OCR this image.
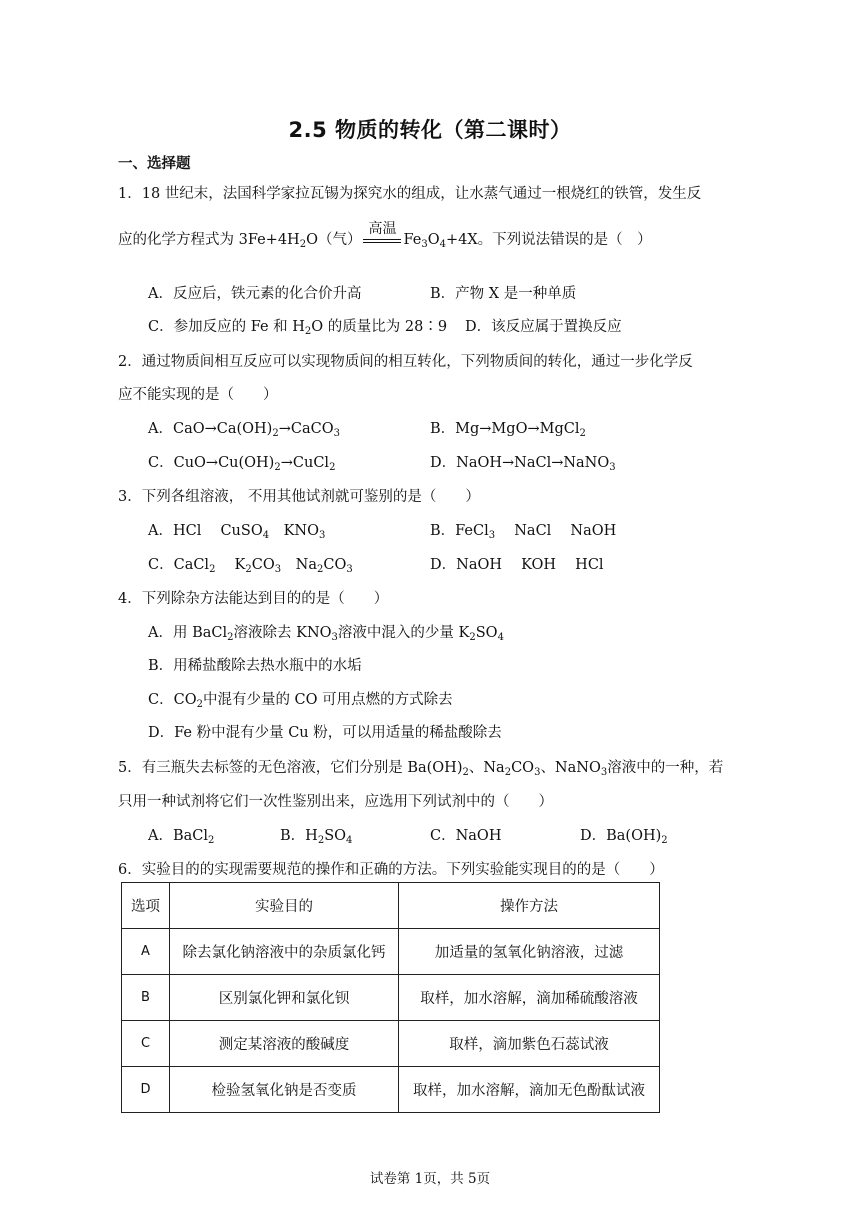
2.5 物质的转化（第二课时）
一、选择题
1．18 世纪末，法国科学家拉瓦锡为探究水的组成，让水蒸气通过一根烧红的铁管，发生反
应的化学方程式为 $3Fe+4H_2O$（气）
高温
$Fe_3O_4+4X$。下列说法错误的是（　）
A．反应后，铁元素的化合价升高	B．产物 X 是一种单质
C．参加反应的 Fe 和 $H_2O$ 的质量比为 28∶9 D．该反应属于置换反应
2．通过物质间相互反应可以实现物质间的相互转化，下列物质间的转化，通过一步化学反
应不能实现的是（　　）
A．$CaO\to Ca(OH)_2\to CaCO_3$	B．Mg→MgO→MgCl$_2$
C．$CuO\to Cu(OH)_2\to CuCl_2$	D．NaOH→NaCl→NaNO$_3$
3．下列各组溶液， 不用其他试剂就可鉴别的是（　　）
A．HCl　 CuSO$_4$　$KNO_3$	B．FeCl$_3$　 NaCl　 NaOH
C．CaCl$_2$　 $K_2CO_3$　$Na_2CO_3$	D．NaOH　 KOH　 HCl
4．下列除杂方法能达到目的的是（　　）
A．用 BaCl$_2$溶液除去 $KNO_3$溶液中混入的少量 $K_2SO_4$
B．用稀盐酸除去热水瓶中的水垢
C．$CO_2$中混有少量的 CO 可用点燃的方式除去
D．Fe 粉中混有少量 Cu 粉，可以用适量的稀盐酸除去
5．有三瓶失去标签的无色溶液，它们分别是 $Ba(OH)_2$、$Na_2CO_3$、NaNO$_3$溶液中的一种，若
只用一种试剂将它们一次性鉴别出来，应选用下列试剂中的（　　）
A．BaCl$_2$	B．$H_2SO_4$	C．NaOH	D．$Ba(OH)_2$
6．实验目的的实现需要规范的操作和正确的方法。下列实验能实现目的的是（　　）
选项	实验目的	操作方法
A	除去氯化钠溶液中的杂质氯化钙	加适量的氢氧化钠溶液，过滤
B	区别氯化钾和氯化钡	取样，加水溶解，滴加稀硫酸溶液
C	测定某溶液的酸碱度	取样，滴加紫色石蕊试液
D	检验氢氧化钠是否变质	取样，加水溶解，滴加无色酚酞试液
试卷第 1页，共 5页
